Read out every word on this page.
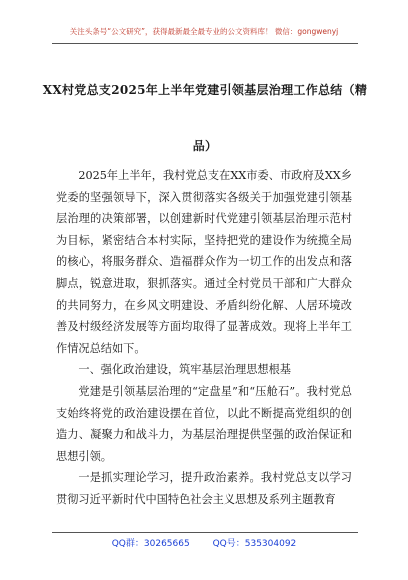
关注头条号“公文研究”，获得最新最全最专业的公文资料库！ 微信：gongwenyj
XX村党总支2025年上半年党建引领基层治理工作总结（精品）

2025年上半年，我村党总支在XX市委、市政府及XX乡党委的坚强领导下，深入贯彻落实各级关于加强党建引领基层治理的决策部署，以创建新时代党建引领基层治理示范村为目标，紧密结合本村实际，坚持把党的建设作为统揽全局的核心，将服务群众、造福群众作为一切工作的出发点和落脚点，锐意进取，狠抓落实。通过全村党员干部和广大群众的共同努力，在乡风文明建设、矛盾纠纷化解、人居环境改善及村级经济发展等方面均取得了显著成效。现将上半年工作情况总结如下。

一、强化政治建设，筑牢基层治理思想根基

党建是引领基层治理的“定盘星”和“压舱石”。我村党总支始终将党的政治建设摆在首位，以此不断提高党组织的创造力、凝聚力和战斗力，为基层治理提供坚强的政治保证和思想引领。

一是抓实理论学习，提升政治素养。我村党总支以学习贯彻习近平新时代中国特色社会主义思想及系列主题教育

QQ群：30265665	QQ号：535304092
